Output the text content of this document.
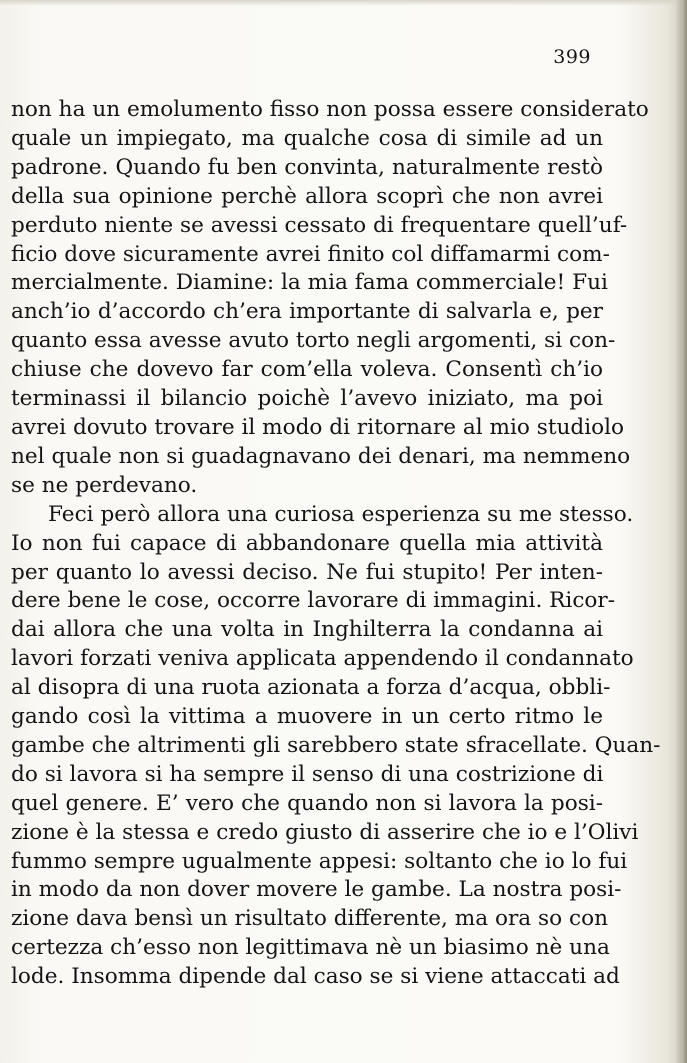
399
non ha un emolumento fisso non possa essere considerato
quale un impiegato, ma qualche cosa di simile ad un
padrone. Quando fu ben convinta, naturalmente restò
della sua opinione perchè allora scoprì che non avrei
perduto niente se avessi cessato di frequentare quell’uf-
ficio dove sicuramente avrei finito col diffamarmi com-
mercialmente. Diamine: la mia fama commerciale! Fui
anch’io d’accordo ch’era importante di salvarla e, per
quanto essa avesse avuto torto negli argomenti, si con-
chiuse che dovevo far com’ella voleva. Consentì ch’io
terminassi il bilancio poichè l’avevo iniziato, ma poi
avrei dovuto trovare il modo di ritornare al mio studiolo
nel quale non si guadagnavano dei denari, ma nemmeno
se ne perdevano.
Feci però allora una curiosa esperienza su me stesso.
Io non fui capace di abbandonare quella mia attività
per quanto lo avessi deciso. Ne fui stupito! Per inten-
dere bene le cose, occorre lavorare di immagini. Ricor-
dai allora che una volta in Inghilterra la condanna ai
lavori forzati veniva applicata appendendo il condannato
al disopra di una ruota azionata a forza d’acqua, obbli-
gando così la vittima a muovere in un certo ritmo le
gambe che altrimenti gli sarebbero state sfracellate. Quan-
do si lavora si ha sempre il senso di una costrizione di
quel genere. E’ vero che quando non si lavora la posi-
zione è la stessa e credo giusto di asserire che io e l’Olivi
fummo sempre ugualmente appesi: soltanto che io lo fui
in modo da non dover movere le gambe. La nostra posi-
zione dava bensì un risultato differente, ma ora so con
certezza ch’esso non legittimava nè un biasimo nè una
lode. Insomma dipende dal caso se si viene attaccati ad
